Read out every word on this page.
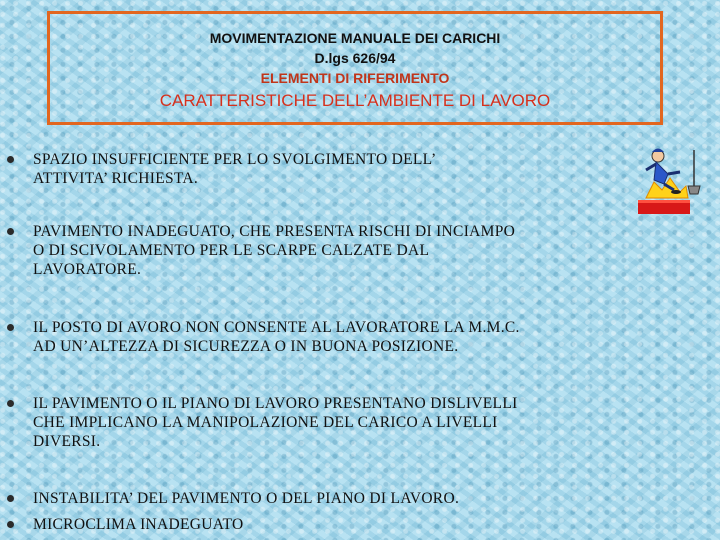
MOVIMENTAZIONE MANUALE DEI CARICHI
D.lgs 626/94
ELEMENTI DI RIFERIMENTO
CARATTERISTICHE DELL’AMBIENTE DI LAVORO
SPAZIO INSUFFICIENTE PER LO SVOLGIMENTO DELL’
ATTIVITA’ RICHIESTA.
PAVIMENTO INADEGUATO, CHE PRESENTA RISCHI DI INCIAMPO
O DI SCIVOLAMENTO PER LE SCARPE CALZATE DAL
LAVORATORE.
IL POSTO DI AVORO NON CONSENTE AL LAVORATORE LA M.M.C.
AD UN’ALTEZZA DI SICUREZZA O IN BUONA POSIZIONE.
IL PAVIMENTO O IL PIANO DI LAVORO PRESENTANO DISLIVELLI
CHE IMPLICANO LA MANIPOLAZIONE DEL CARICO A LIVELLI
DIVERSI.
INSTABILITA’ DEL PAVIMENTO O DEL PIANO DI LAVORO.
MICROCLIMA INADEGUATO
